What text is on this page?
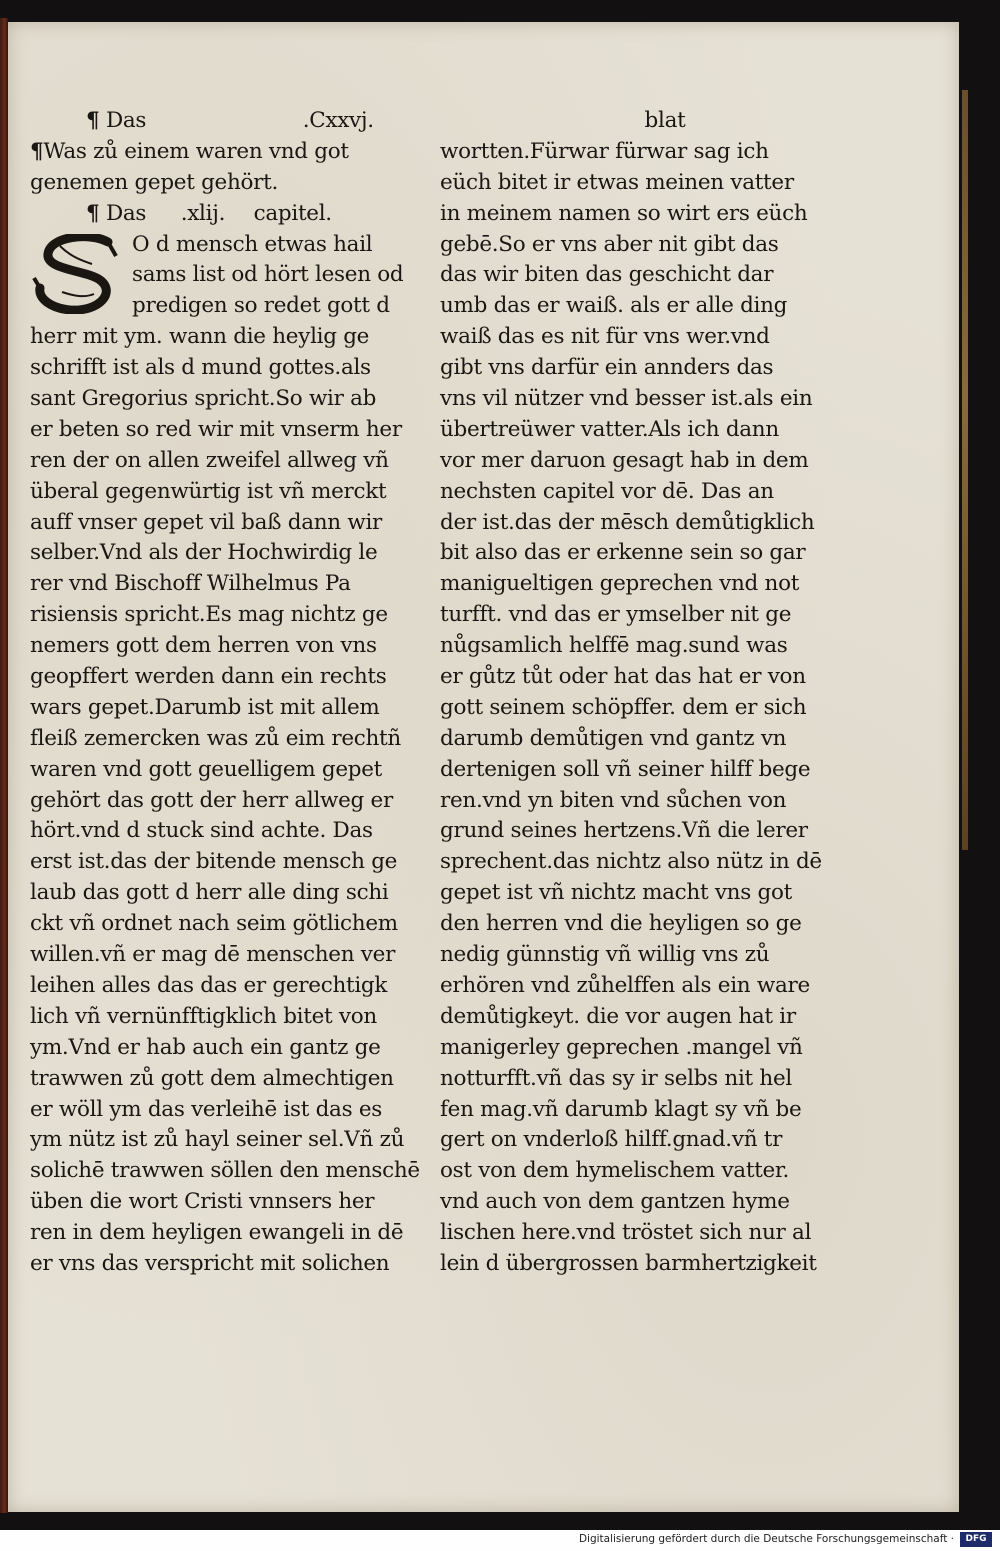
¶ Das	.Cxxvj.
¶Was zů einem waren vnd got
genemen gepet gehört.
¶ Das .xlij. capitel.
O d mensch etwas hail
sams list od hört lesen od
predigen so redet gott d
herr mit ym. wann die heylig ge
schrifft ist als d mund gottes.als
sant Gregorius spricht.So wir ab
er beten so red wir mit vnserm her
ren der on allen zweifel allweg vñ
überal gegenwürtig ist vñ merckt
auff vnser gepet vil baß dann wir
selber.Vnd als der Hochwirdig le
rer vnd Bischoff Wilhelmus Pa
risiensis spricht.Es mag nichtz ge
nemers gott dem herren von vns
geopffert werden dann ein rechts
wars gepet.Darumb ist mit allem
fleiß zemercken was zů eim rechtñ
waren vnd gott geuelligem gepet
gehört das gott der herr allweg er
hört.vnd d stuck sind achte. Das
erst ist.das der bitende mensch ge
laub das gott d herr alle ding schi
ckt vñ ordnet nach seim götlichem
willen.vñ er mag dē menschen ver
leihen alles das das er gerechtigk
lich vñ vernünfftigklich bitet von
ym.Vnd er hab auch ein gantz ge
trawwen zů gott dem almechtigen
er wöll ym das verleihē ist das es
ym nütz ist zů hayl seiner sel.Vñ zů
solichē trawwen söllen den menschē
üben die wort Cristi vnnsers her
ren in dem heyligen ewangeli in dē
er vns das verspricht mit solichen
blat
wortten.Fürwar fürwar sag ich
eüch bitet ir etwas meinen vatter
in meinem namen so wirt ers eüch
gebē.So er vns aber nit gibt das
das wir biten das geschicht dar
umb das er waiß. als er alle ding
waiß das es nit für vns wer.vnd
gibt vns darfür ein annders das
vns vil nützer vnd besser ist.als ein
übertreüwer vatter.Als ich dann
vor mer daruon gesagt hab in dem
nechsten capitel vor dē. Das an
der ist.das der mēsch demůtigklich
bit also das er erkenne sein so gar
manigueltigen geprechen vnd not
turfft. vnd das er ymselber nit ge
nůgsamlich helffē mag.sund was
er gůtz tůt oder hat das hat er von
gott seinem schöpffer. dem er sich
darumb demůtigen vnd gantz vn
dertenigen soll vñ seiner hilff bege
ren.vnd yn biten vnd sůchen von
grund seines hertzens.Vñ die lerer
sprechent.das nichtz also nütz in dē
gepet ist vñ nichtz macht vns got
den herren vnd die heyligen so ge
nedig günnstig vñ willig vns zů
erhören vnd zůhelffen als ein ware
demůtigkeyt. die vor augen hat ir
manigerley geprechen .mangel vñ
notturfft.vñ das sy ir selbs nit hel
fen mag.vñ darumb klagt sy vñ be
gert on vnderloß hilff.gnad.vñ tr
ost von dem hymelischem vatter.
vnd auch von dem gantzen hyme
lischen here.vnd tröstet sich nur al
lein d übergrossen barmhertzigkeit
Digitalisierung gefördert durch die Deutsche Forschungsgemeinschaft ·	DFG
